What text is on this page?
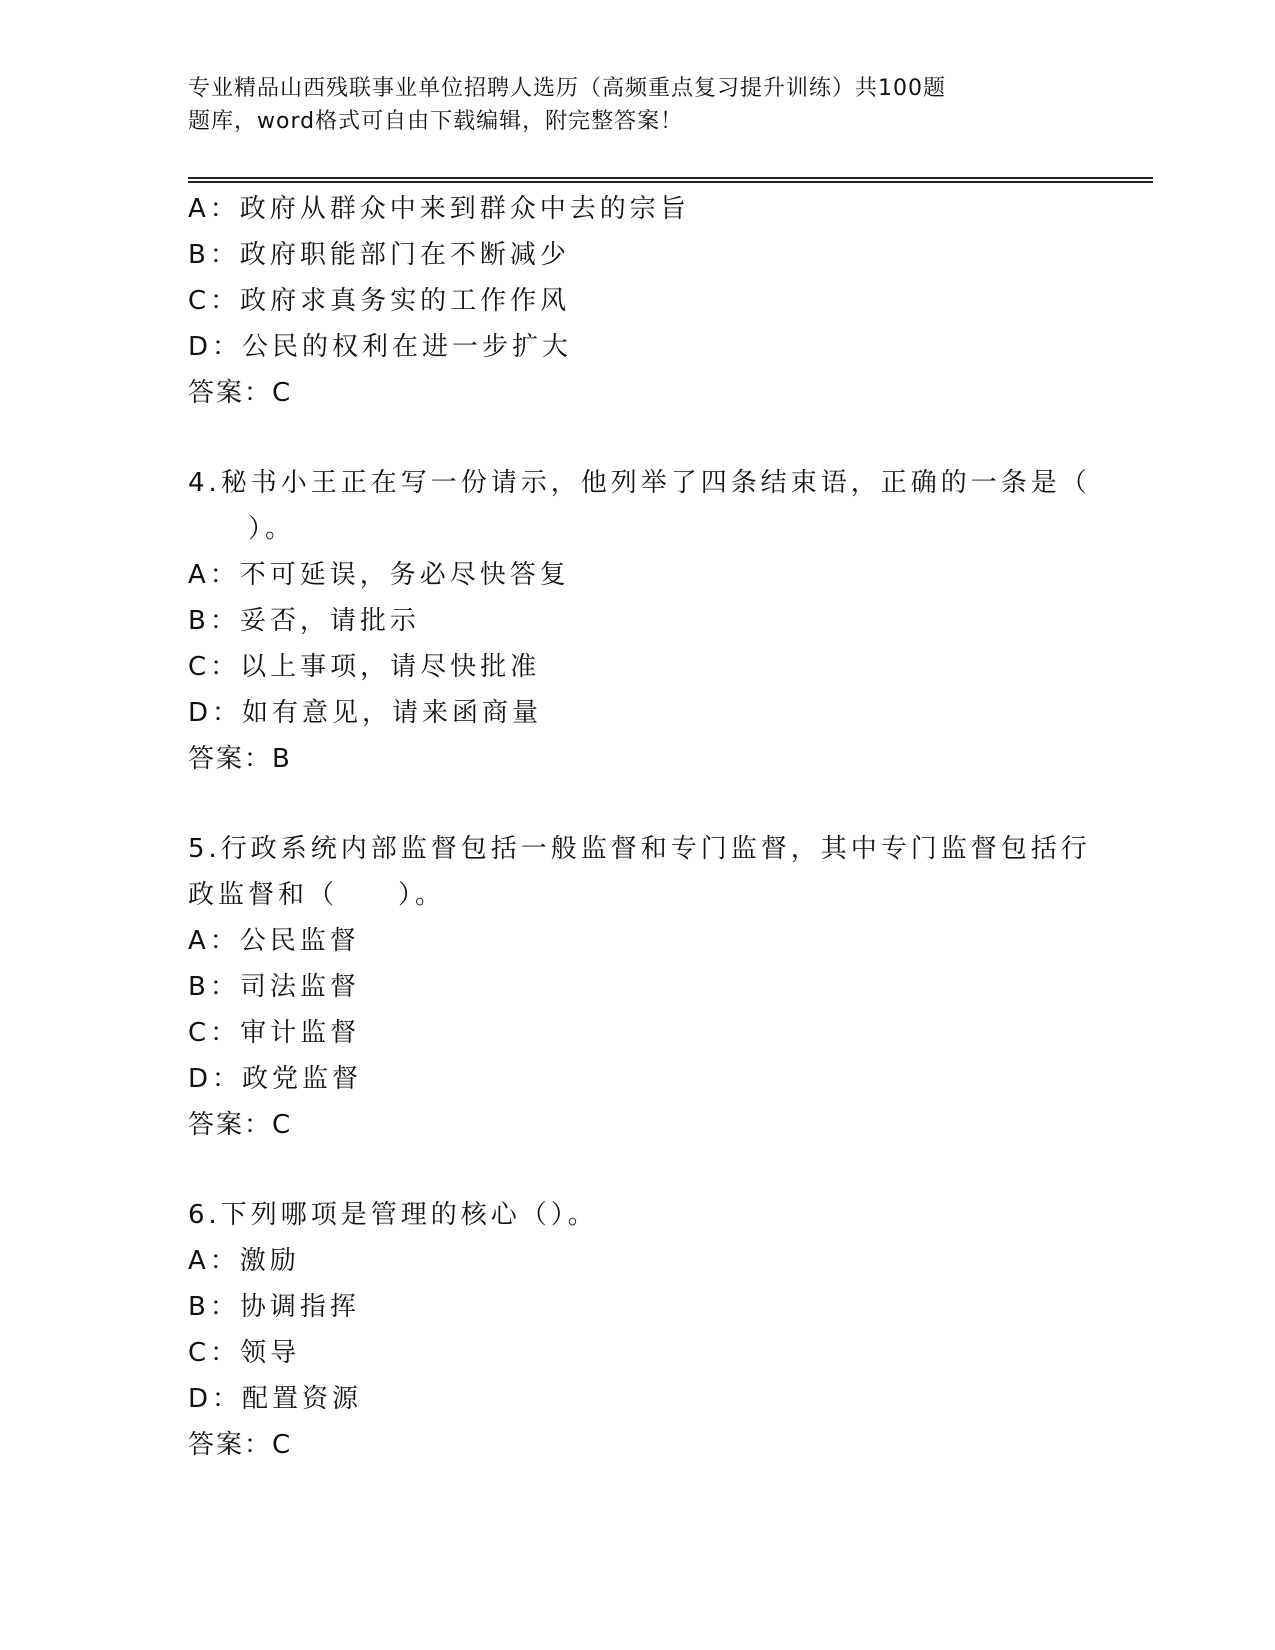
专业精品山西残联事业单位招聘人选历（高频重点复习提升训练）共100题
题库，word格式可自由下载编辑，附完整答案！
A：政府从群众中来到群众中去的宗旨
B：政府职能部门在不断减少
C：政府求真务实的工作作风
D：公民的权利在进一步扩大
答案：C
4.秘书小王正在写一份请示，他列举了四条结束语，正确的一条是（
　　）。
A：不可延误，务必尽快答复
B：妥否，请批示
C：以上事项，请尽快批准
D：如有意见，请来函商量
答案：B
5.行政系统内部监督包括一般监督和专门监督，其中专门监督包括行
政监督和（　　）。
A：公民监督
B：司法监督
C：审计监督
D：政党监督
答案：C
6.下列哪项是管理的核心（）。
A：激励
B：协调指挥
C：领导
D：配置资源
答案：C
